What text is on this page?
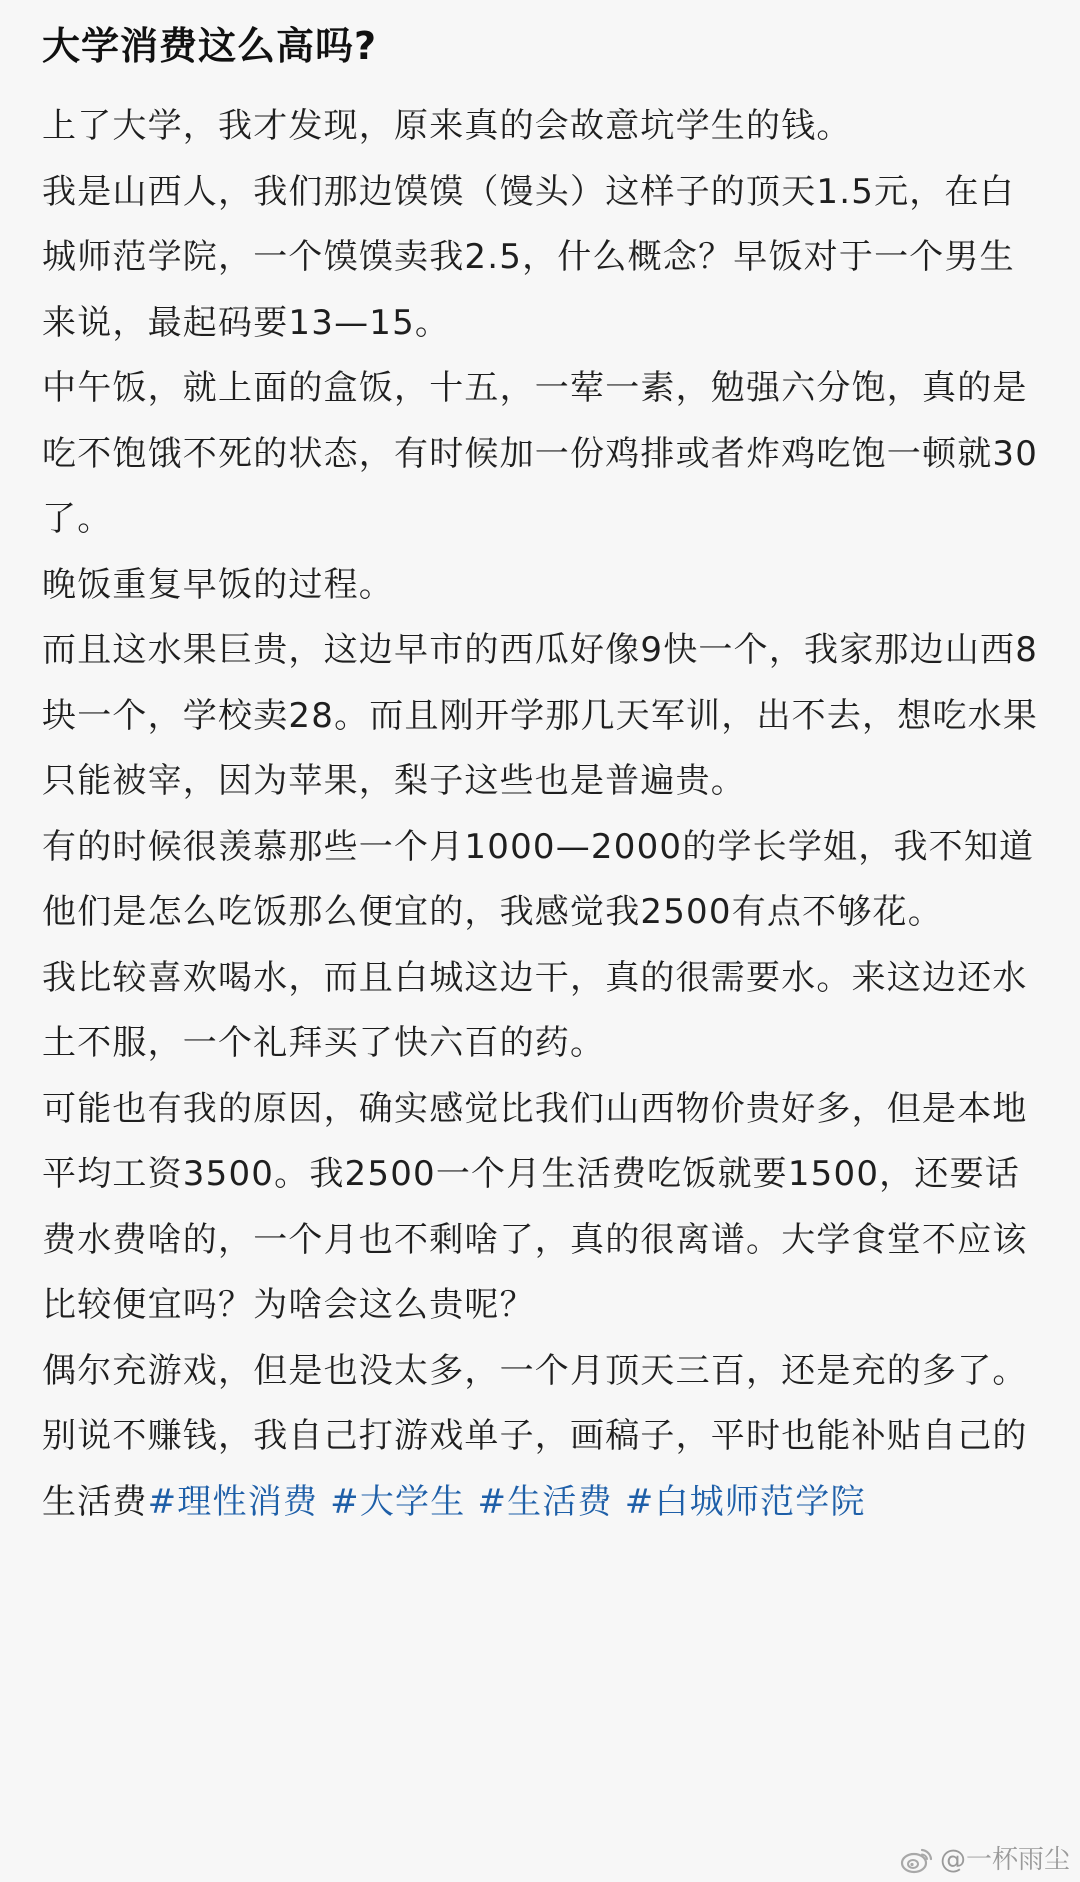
大学消费这么高吗?

上了大学，我才发现，原来真的会故意坑学生的钱。

我是山西人，我们那边馍馍（馒头）这样子的顶天1.5元，在白城师范学院，一个馍馍卖我2.5，什么概念？早饭对于一个男生来说，最起码要13—15。

中午饭，就上面的盒饭，十五，一荤一素，勉强六分饱，真的是吃不饱饿不死的状态，有时候加一份鸡排或者炸鸡吃饱一顿就30了。

晚饭重复早饭的过程。

而且这水果巨贵，这边早市的西瓜好像9快一个，我家那边山西8块一个，学校卖28。而且刚开学那几天军训，出不去，想吃水果只能被宰，因为苹果，梨子这些也是普遍贵。

有的时候很羡慕那些一个月1000—2000的学长学姐，我不知道他们是怎么吃饭那么便宜的，我感觉我2500有点不够花。

我比较喜欢喝水，而且白城这边干，真的很需要水。来这边还水土不服，一个礼拜买了快六百的药。

可能也有我的原因，确实感觉比我们山西物价贵好多，但是本地平均工资3500。我2500一个月生活费吃饭就要1500，还要话费水费啥的，一个月也不剩啥了，真的很离谱。大学食堂不应该比较便宜吗？为啥会这么贵呢？

偶尔充游戏，但是也没太多，一个月顶天三百，还是充的多了。

别说不赚钱，我自己打游戏单子，画稿子，平时也能补贴自己的生活费#理性消费 #大学生 #生活费 #白城师范学院

@一杯雨尘
